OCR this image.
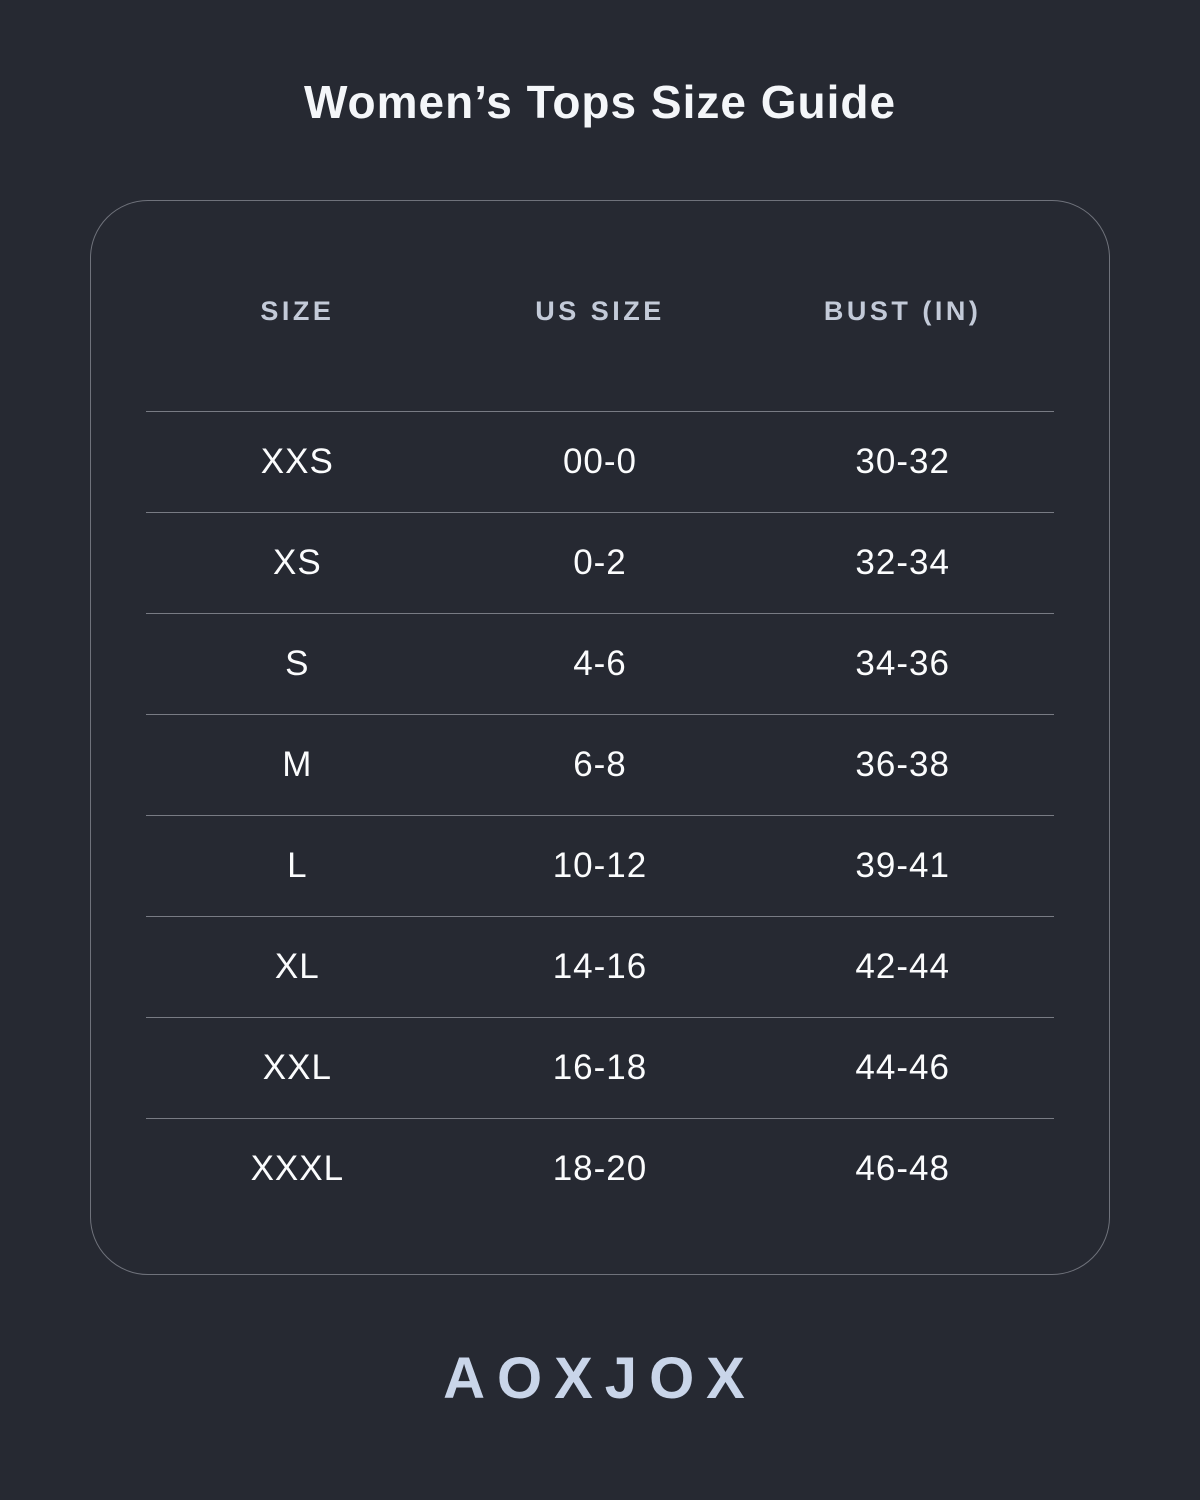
Women’s Tops Size Guide
SIZE	US SIZE	BUST (IN)
XXS	00-0	30-32
XS	0-2	32-34
S	4-6	34-36
M	6-8	36-38
L	10-12	39-41
XL	14-16	42-44
XXL	16-18	44-46
XXXL	18-20	46-48
AOXJOX
